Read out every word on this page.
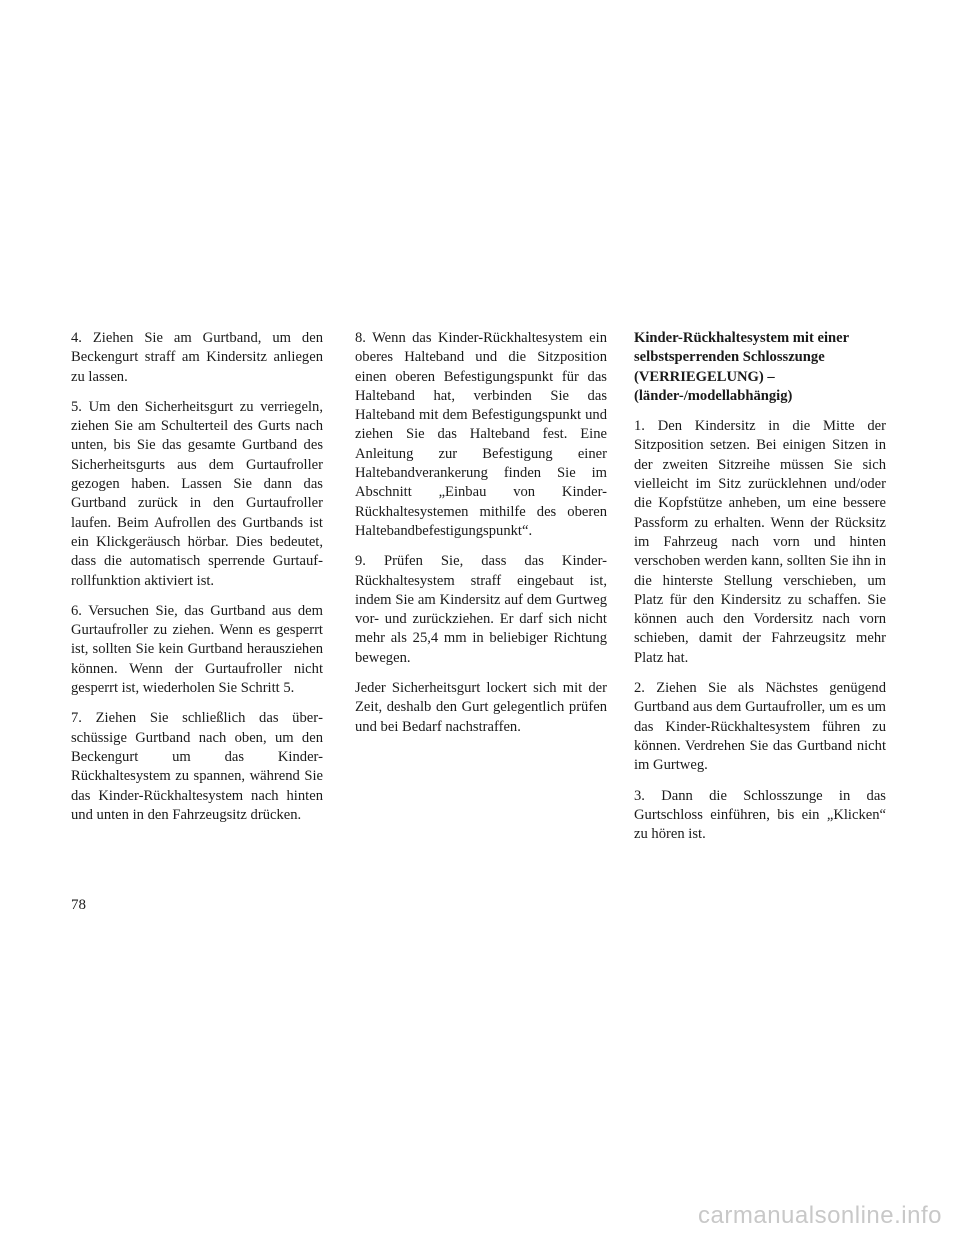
4. Ziehen Sie am Gurtband, um den Beckengurt straff am Kindersitz anliegen zu lassen.

5. Um den Sicherheitsgurt zu verriegeln, ziehen Sie am Schulterteil des Gurts nach unten, bis Sie das gesamte Gurtband des Sicherheitsgurts aus dem Gurtaufroller gezogen haben. Lassen Sie dann das Gurtband zurück in den Gurtaufroller laufen. Beim Aufrollen des Gurtbands ist ein Klickgeräusch hörbar. Dies bedeutet, dass die automatisch sperrende Gurtaufrollfunktion aktiviert ist.

6. Versuchen Sie, das Gurtband aus dem Gurtaufroller zu ziehen. Wenn es gesperrt ist, sollten Sie kein Gurtband herausziehen können. Wenn der Gurtaufroller nicht gesperrt ist, wiederholen Sie Schritt 5.

7. Ziehen Sie schließlich das überschüssige Gurtband nach oben, um den Beckengurt um das Kinder-Rückhaltesystem zu spannen, während Sie das Kinder-Rückhaltesystem nach hinten und unten in den Fahrzeugsitz drücken.

8. Wenn das Kinder-Rückhaltesystem ein oberes Halteband und die Sitzposition einen oberen Befestigungspunkt für das Halteband hat, verbinden Sie das Halteband mit dem Befestigungspunkt und ziehen Sie das Halteband fest. Eine Anleitung zur Befestigung einer Haltebandverankerung finden Sie im Abschnitt „Einbau von Kinder-Rückhaltesystemen mithilfe des oberen Haltebandbefestigungspunkt“.

9. Prüfen Sie, dass das Kinder-Rückhaltesystem straff eingebaut ist, indem Sie am Kindersitz auf dem Gurtweg vor- und zurückziehen. Er darf sich nicht mehr als 25,4 mm in beliebiger Richtung bewegen.

Jeder Sicherheitsgurt lockert sich mit der Zeit, deshalb den Gurt gelegentlich prüfen und bei Bedarf nachstraffen.

Kinder-Rückhaltesystem mit einer
selbstsperrenden Schlosszunge
(VERRIEGELUNG) –
(länder-/modellabhängig)

1. Den Kindersitz in die Mitte der Sitzposition setzen. Bei einigen Sitzen in der zweiten Sitzreihe müssen Sie sich vielleicht im Sitz zurücklehnen und/oder die Kopfstütze anheben, um eine bessere Passform zu erhalten. Wenn der Rücksitz im Fahrzeug nach vorn und hinten verschoben werden kann, sollten Sie ihn in die hinterste Stellung verschieben, um Platz für den Kindersitz zu schaffen. Sie können auch den Vordersitz nach vorn schieben, damit der Fahrzeugsitz mehr Platz hat.

2. Ziehen Sie als Nächstes genügend Gurtband aus dem Gurtaufroller, um es um das Kinder-Rückhaltesystem führen zu können. Verdrehen Sie das Gurtband nicht im Gurtweg.

3. Dann die Schlosszunge in das Gurtschloss einführen, bis ein „Klicken“ zu hören ist.

78
carmanualsonline.info
